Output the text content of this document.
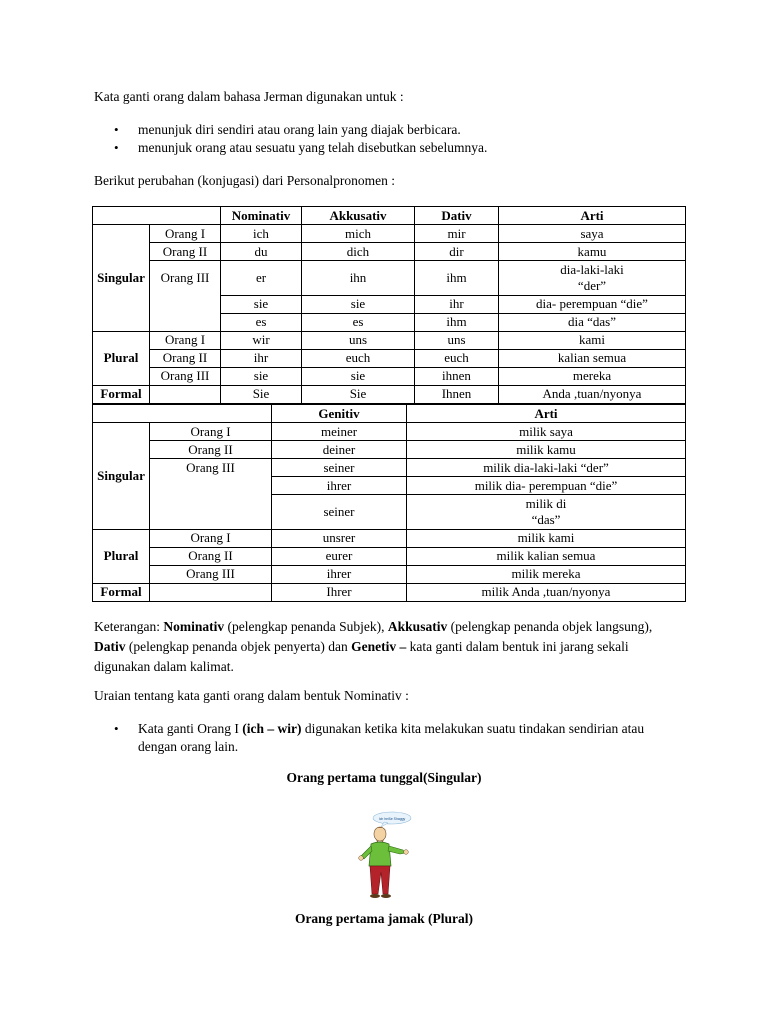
Kata ganti orang dalam bahasa Jerman digunakan untuk :
• menunjuk diri sendiri atau orang lain yang diajak berbicara.
• menunjuk orang atau sesuatu yang telah disebutkan sebelumnya.
Berikut perubahan (konjugasi) dari Personalpronomen :
		Nominativ	Akkusativ	Dativ	Arti
Singular	Orang I	ich	mich	mir	saya
	Orang II	du	dich	dir	kamu
	Orang III	er	ihn	ihm	dia-laki-laki
“der”

		sie	sie	ihr	dia- perempuan “die”
		es	es	ihm	dia “das”
Plural	Orang I	wir	uns	uns	kami
	Orang II	ihr	euch	euch	kalian semua
	Orang III	sie	sie	ihnen	mereka
Formal		Sie	Sie	Ihnen	Anda ,tuan/nyonya
		Genitiv	Arti
Singular	Orang I	meiner	milik saya
	Orang II	deiner	milik kamu
	Orang III	seiner	milik dia-laki-laki “der”
		ihrer	milik dia- perempuan “die”
		seiner	milik di
“das”

Plural	Orang I	unsrer	milik kami
	Orang II	eurer	milik kalian semua
	Orang III	ihrer	milik mereka
Formal		Ihrer	milik Anda ,tuan/nyonya
Keterangan: Nominativ (pelengkap penanda Subjek), Akkusativ (pelengkap penanda objek langsung), Dativ (pelengkap penanda objek penyerta) dan Genetiv – kata ganti dalam bentuk ini jarang sekali digunakan dalam kalimat.
Uraian tentang kata ganti orang dalam bentuk Nominativ :
• Kata ganti Orang I (ich – wir) digunakan ketika kita melakukan suatu tindakan sendirian atau dengan orang lain.
Orang pertama tunggal(Singular)
Ich heiße Shaggy
Orang pertama jamak (Plural)
